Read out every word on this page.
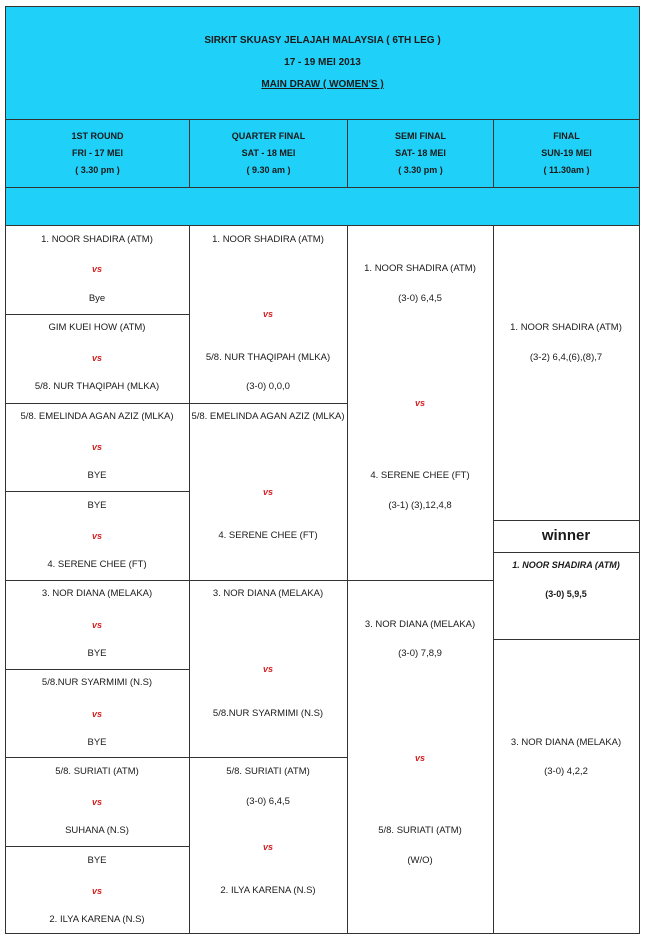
SIRKIT SKUASY JELAJAH MALAYSIA ( 6TH LEG )
17 - 19 MEI 2013
MAIN DRAW ( WOMEN'S )
1ST ROUND
FRI - 17 MEI
( 3.30 pm )
QUARTER FINAL
SAT - 18 MEI
( 9.30 am )
SEMI FINAL
SAT- 18 MEI
( 3.30 pm )
FINAL
SUN-19 MEI
( 11.30am )
1. NOOR SHADIRA (ATM)
vs
Bye
GIM KUEI HOW (ATM)
vs
5/8. NUR THAQIPAH (MLKA)
5/8. EMELINDA AGAN AZIZ (MLKA)
vs
BYE
BYE
vs
4. SERENE CHEE (FT)
3. NOR DIANA (MELAKA)
vs
BYE
5/8.NUR SYARMIMI (N.S)
vs
BYE
5/8. SURIATI (ATM)
vs
SUHANA (N.S)
BYE
vs
2. ILYA KARENA (N.S)
1. NOOR SHADIRA (ATM)
vs
5/8. NUR THAQIPAH (MLKA)
(3-0) 0,0,0
5/8. EMELINDA AGAN AZIZ (MLKA)
vs
4. SERENE CHEE (FT)
3. NOR DIANA (MELAKA)
vs
5/8.NUR SYARMIMI (N.S)
5/8. SURIATI (ATM)
(3-0) 6,4,5
vs
2. ILYA KARENA (N.S)
1. NOOR SHADIRA (ATM)
(3-0) 6,4,5
vs
4. SERENE CHEE (FT)
(3-1) (3),12,4,8
3. NOR DIANA (MELAKA)
(3-0) 7,8,9
vs
5/8. SURIATI (ATM)
(W/O)
1. NOOR SHADIRA (ATM)
(3-2) 6,4,(6),(8),7
3. NOR DIANA (MELAKA)
(3-0) 4,2,2
winner
1. NOOR SHADIRA (ATM)
(3-0) 5,9,5
